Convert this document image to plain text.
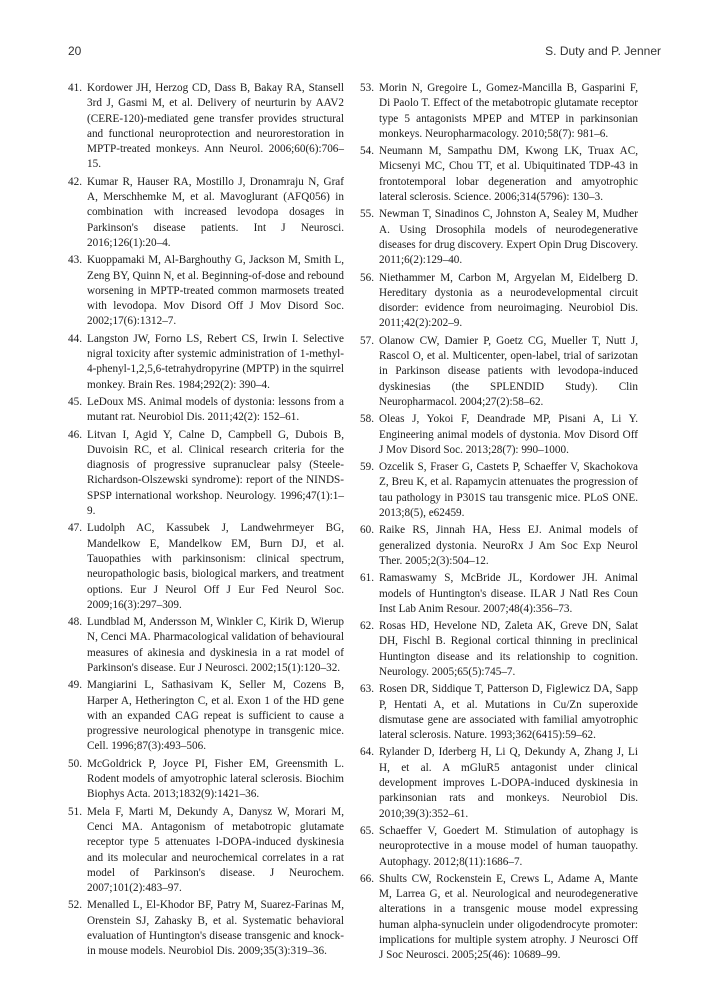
20	S. Duty and P. Jenner
41. Kordower JH, Herzog CD, Dass B, Bakay RA, Stansell 3rd J, Gasmi M, et al. Delivery of neurturin by AAV2 (CERE-120)-mediated gene transfer provides structural and functional neuroprotection and neurorestoration in MPTP-treated monkeys. Ann Neurol. 2006;60(6):706–15.
42. Kumar R, Hauser RA, Mostillo J, Dronamraju N, Graf A, Merschhemke M, et al. Mavoglurant (AFQ056) in combination with increased levodopa dosages in Parkinson's disease patients. Int J Neurosci. 2016;126(1):20–4.
43. Kuoppamaki M, Al-Barghouthy G, Jackson M, Smith L, Zeng BY, Quinn N, et al. Beginning-of-dose and rebound worsening in MPTP-treated common marmosets treated with levodopa. Mov Disord Off J Mov Disord Soc. 2002;17(6):1312–7.
44. Langston JW, Forno LS, Rebert CS, Irwin I. Selective nigral toxicity after systemic administration of 1-methyl-4-phenyl-1,2,5,6-tetrahydropyrine (MPTP) in the squirrel monkey. Brain Res. 1984;292(2): 390–4.
45. LeDoux MS. Animal models of dystonia: lessons from a mutant rat. Neurobiol Dis. 2011;42(2): 152–61.
46. Litvan I, Agid Y, Calne D, Campbell G, Dubois B, Duvoisin RC, et al. Clinical research criteria for the diagnosis of progressive supranuclear palsy (Steele-Richardson-Olszewski syndrome): report of the NINDS-SPSP international workshop. Neurology. 1996;47(1):1–9.
47. Ludolph AC, Kassubek J, Landwehrmeyer BG, Mandelkow E, Mandelkow EM, Burn DJ, et al. Tauopathies with parkinsonism: clinical spectrum, neuropathologic basis, biological markers, and treatment options. Eur J Neurol Off J Eur Fed Neurol Soc. 2009;16(3):297–309.
48. Lundblad M, Andersson M, Winkler C, Kirik D, Wierup N, Cenci MA. Pharmacological validation of behavioural measures of akinesia and dyskinesia in a rat model of Parkinson's disease. Eur J Neurosci. 2002;15(1):120–32.
49. Mangiarini L, Sathasivam K, Seller M, Cozens B, Harper A, Hetherington C, et al. Exon 1 of the HD gene with an expanded CAG repeat is sufficient to cause a progressive neurological phenotype in transgenic mice. Cell. 1996;87(3):493–506.
50. McGoldrick P, Joyce PI, Fisher EM, Greensmith L. Rodent models of amyotrophic lateral sclerosis. Biochim Biophys Acta. 2013;1832(9):1421–36.
51. Mela F, Marti M, Dekundy A, Danysz W, Morari M, Cenci MA. Antagonism of metabotropic glutamate receptor type 5 attenuates l-DOPA-induced dyskinesia and its molecular and neurochemical correlates in a rat model of Parkinson's disease. J Neurochem. 2007;101(2):483–97.
52. Menalled L, El-Khodor BF, Patry M, Suarez-Farinas M, Orenstein SJ, Zahasky B, et al. Systematic behavioral evaluation of Huntington's disease transgenic and knock-in mouse models. Neurobiol Dis. 2009;35(3):319–36.
53. Morin N, Gregoire L, Gomez-Mancilla B, Gasparini F, Di Paolo T. Effect of the metabotropic glutamate receptor type 5 antagonists MPEP and MTEP in parkinsonian monkeys. Neuropharmacology. 2010;58(7): 981–6.
54. Neumann M, Sampathu DM, Kwong LK, Truax AC, Micsenyi MC, Chou TT, et al. Ubiquitinated TDP-43 in frontotemporal lobar degeneration and amyotrophic lateral sclerosis. Science. 2006;314(5796): 130–3.
55. Newman T, Sinadinos C, Johnston A, Sealey M, Mudher A. Using Drosophila models of neurodegenerative diseases for drug discovery. Expert Opin Drug Discovery. 2011;6(2):129–40.
56. Niethammer M, Carbon M, Argyelan M, Eidelberg D. Hereditary dystonia as a neurodevelopmental circuit disorder: evidence from neuroimaging. Neurobiol Dis. 2011;42(2):202–9.
57. Olanow CW, Damier P, Goetz CG, Mueller T, Nutt J, Rascol O, et al. Multicenter, open-label, trial of sarizotan in Parkinson disease patients with levodopa-induced dyskinesias (the SPLENDID Study). Clin Neuropharmacol. 2004;27(2):58–62.
58. Oleas J, Yokoi F, Deandrade MP, Pisani A, Li Y. Engineering animal models of dystonia. Mov Disord Off J Mov Disord Soc. 2013;28(7): 990–1000.
59. Ozcelik S, Fraser G, Castets P, Schaeffer V, Skachokova Z, Breu K, et al. Rapamycin attenuates the progression of tau pathology in P301S tau transgenic mice. PLoS ONE. 2013;8(5), e62459.
60. Raike RS, Jinnah HA, Hess EJ. Animal models of generalized dystonia. NeuroRx J Am Soc Exp Neurol Ther. 2005;2(3):504–12.
61. Ramaswamy S, McBride JL, Kordower JH. Animal models of Huntington's disease. ILAR J Natl Res Coun Inst Lab Anim Resour. 2007;48(4):356–73.
62. Rosas HD, Hevelone ND, Zaleta AK, Greve DN, Salat DH, Fischl B. Regional cortical thinning in preclinical Huntington disease and its relationship to cognition. Neurology. 2005;65(5):745–7.
63. Rosen DR, Siddique T, Patterson D, Figlewicz DA, Sapp P, Hentati A, et al. Mutations in Cu/Zn superoxide dismutase gene are associated with familial amyotrophic lateral sclerosis. Nature. 1993;362(6415):59–62.
64. Rylander D, Iderberg H, Li Q, Dekundy A, Zhang J, Li H, et al. A mGluR5 antagonist under clinical development improves L-DOPA-induced dyskinesia in parkinsonian rats and monkeys. Neurobiol Dis. 2010;39(3):352–61.
65. Schaeffer V, Goedert M. Stimulation of autophagy is neuroprotective in a mouse model of human tauopathy. Autophagy. 2012;8(11):1686–7.
66. Shults CW, Rockenstein E, Crews L, Adame A, Mante M, Larrea G, et al. Neurological and neurodegenerative alterations in a transgenic mouse model expressing human alpha-synuclein under oligodendrocyte promoter: implications for multiple system atrophy. J Neurosci Off J Soc Neurosci. 2005;25(46): 10689–99.
